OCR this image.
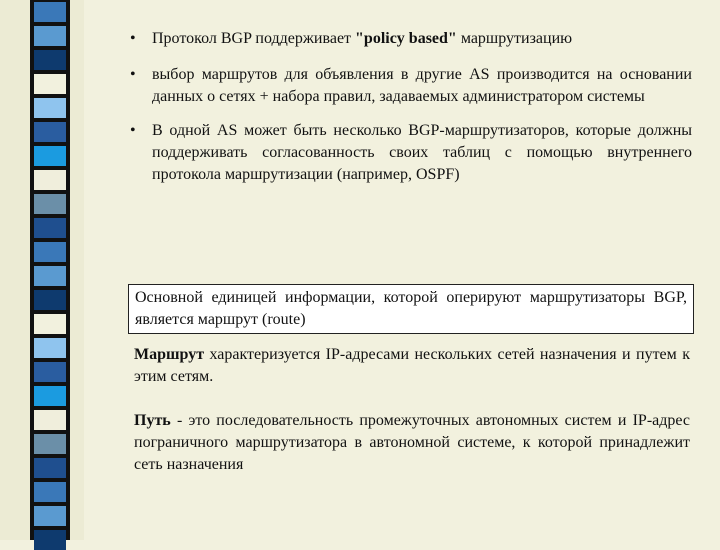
• Протокол BGP поддерживает "policy based" маршрутизацию
• выбор маршрутов для объявления в другие AS производится на основании данных о сетях + набора правил, задаваемых администратором системы
• В одной AS может быть несколько BGP-маршрутизаторов, которые должны поддерживать согласованность своих таблиц с помощью внутреннего протокола маршрутизации (например, OSPF)
Основной единицей информации, которой оперируют маршрутизаторы BGP, является маршрут (route)
Маршрут характеризуется IP-адресами нескольких сетей назначения и путем к этим сетям.
Путь - это последовательность промежуточных автономных систем и IP-адрес пограничного маршрутизатора в автономной системе, к которой принадлежит сеть назначения
